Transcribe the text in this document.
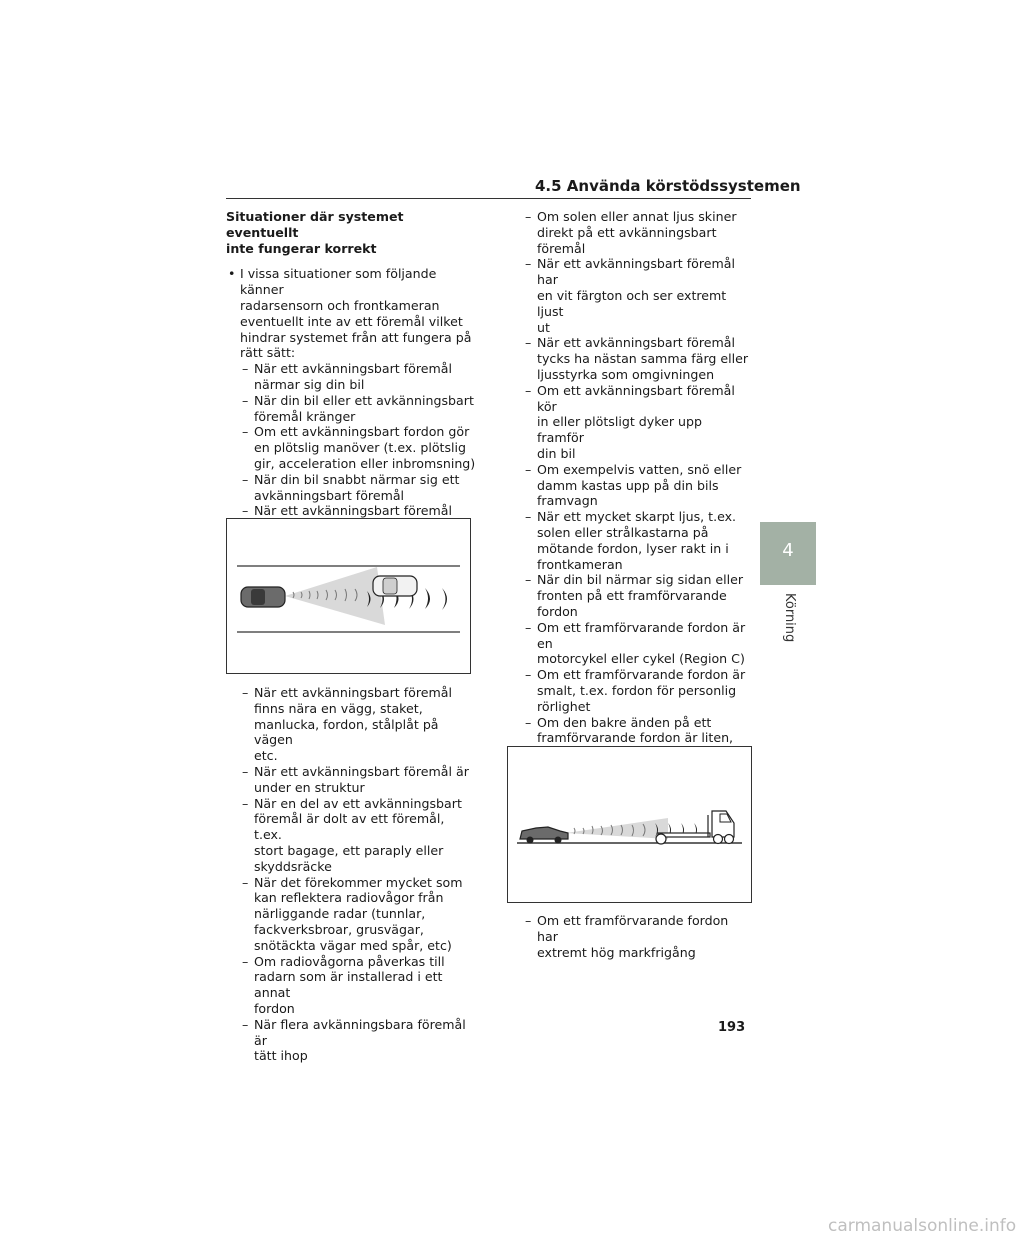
4.5 Använda körstödssystemen
Situationer där systemet eventuellt
inte fungerar korrekt
• I vissa situationer som följande känner
radarsensorn och frontkameran
eventuellt inte av ett föremål vilket
hindrar systemet från att fungera på
rätt sätt:
– När ett avkänningsbart föremål
närmar sig din bil
– När din bil eller ett avkänningsbart
föremål kränger
– Om ett avkänningsbart fordon gör
en plötslig manöver (t.ex. plötslig
gir, acceleration eller inbromsning)
– När din bil snabbt närmar sig ett
avkänningsbart föremål
– När ett avkänningsbart föremål
– När ett avkänningsbart föremål
finns nära en vägg, staket,
manlucka, fordon, stålplåt på vägen
etc.
– När ett avkänningsbart föremål är
under en struktur
– När en del av ett avkänningsbart
föremål är dolt av ett föremål, t.ex.
stort bagage, ett paraply eller
skyddsräcke
– När det förekommer mycket som
kan reflektera radiovågor från
närliggande radar (tunnlar,
fackverksbroar, grusvägar,
snötäckta vägar med spår, etc)
– Om radiovågorna påverkas till
radarn som är installerad i ett annat
fordon
– När flera avkänningsbara föremål är
tätt ihop
– Om solen eller annat ljus skiner
direkt på ett avkänningsbart
föremål
– När ett avkänningsbart föremål har
en vit färgton och ser extremt ljust
ut
– När ett avkänningsbart föremål
tycks ha nästan samma färg eller
ljusstyrka som omgivningen
– Om ett avkänningsbart föremål kör
in eller plötsligt dyker upp framför
din bil
– Om exempelvis vatten, snö eller
damm kastas upp på din bils
framvagn
– När ett mycket skarpt ljus, t.ex.
solen eller strålkastarna på
mötande fordon, lyser rakt in i
frontkameran
– När din bil närmar sig sidan eller
fronten på ett framförvarande
fordon
– Om ett framförvarande fordon är en
motorcykel eller cykel (Region C)
– Om ett framförvarande fordon är
smalt, t.ex. fordon för personlig
rörlighet
– Om den bakre änden på ett
framförvarande fordon är liten,
–
– Om ett framförvarande fordon har
extremt hög markfrigång
4
Körning
193
carmanualsonline.info
